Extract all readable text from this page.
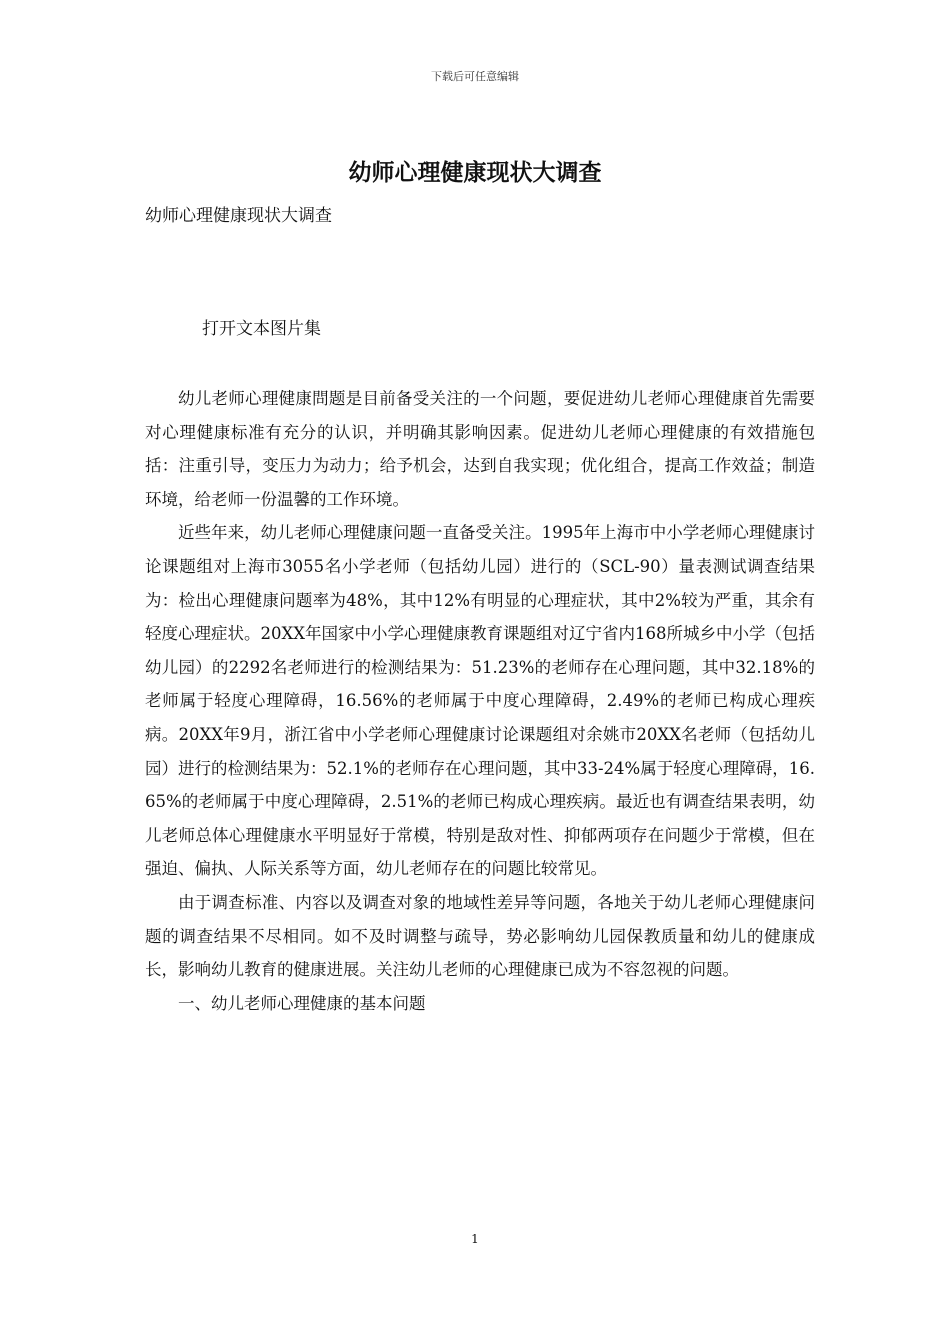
下载后可任意编辑
幼师心理健康现状大调查

幼师心理健康现状大调查

打开文本图片集

幼儿老师心理健康問题是目前备受关注的一个问题，要促进幼儿老师心理健康首先需要对心理健康标准有充分的认识，并明确其影响因素。促进幼儿老师心理健康的有效措施包括：注重引导，变压力为动力；给予机会，达到自我实现；优化组合，提高工作效益；制造环境，给老师一份温馨的工作环境。

近些年来，幼儿老师心理健康问题一直备受关注。1995年上海市中小学老师心理健康讨论课题组对上海市3055名小学老师（包括幼儿园）进行的（SCL-90）量表测试调查结果为：检出心理健康问题率为48%，其中12%有明显的心理症状，其中2%较为严重，其余有轻度心理症状。20XX年国家中小学心理健康教育课题组对辽宁省内168所城乡中小学（包括幼儿园）的2292名老师进行的检测结果为：51.23%的老师存在心理问题，其中32.18%的老师属于轻度心理障碍，16.56%的老师属于中度心理障碍，2.49%的老师已构成心理疾病。20XX年9月，浙江省中小学老师心理健康讨论课题组对余姚市20XX名老师（包括幼儿园）进行的检测结果为：52.1%的老师存在心理问题，其中33-24%属于轻度心理障碍，16.65%的老师属于中度心理障碍，2.51%的老师已构成心理疾病。最近也有调查结果表明，幼儿老师总体心理健康水平明显好于常模，特别是敌对性、抑郁两项存在问题少于常模，但在强迫、偏执、人际关系等方面，幼儿老师存在的问题比较常见。

由于调查标准、内容以及调查对象的地域性差异等问题，各地关于幼儿老师心理健康问题的调查结果不尽相同。如不及时调整与疏导，势必影响幼儿园保教质量和幼儿的健康成长，影响幼儿教育的健康进展。关注幼儿老师的心理健康已成为不容忽视的问题。

一、幼儿老师心理健康的基本问题

1
